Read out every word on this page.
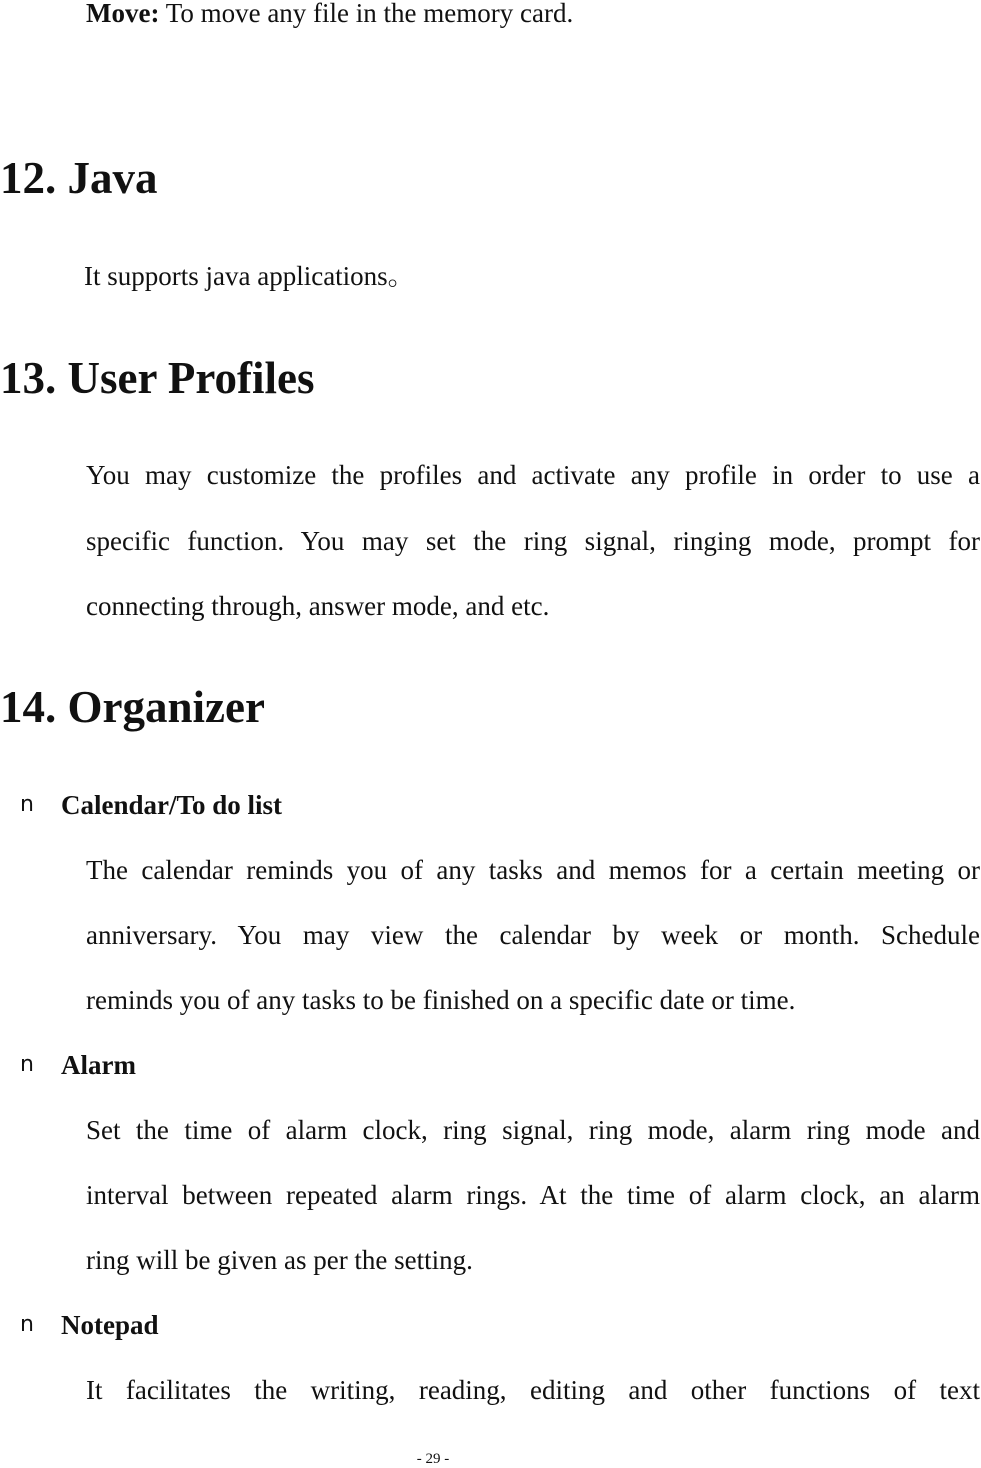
Move: To move any file in the memory card.
12. Java
It supports java applications。
13. User Profiles
You may customize the profiles and activate any profile in order to use a
specific function. You may set the ring signal, ringing mode, prompt for
connecting through, answer mode, and etc.
14. Organizer
n Calendar/To do list
The calendar reminds you of any tasks and memos for a certain meeting or
anniversary. You may view the calendar by week or month. Schedule
reminds you of any tasks to be finished on a specific date or time.
n Alarm
Set the time of alarm clock, ring signal, ring mode, alarm ring mode and
interval between repeated alarm rings. At the time of alarm clock, an alarm
ring will be given as per the setting.
n Notepad
It facilitates the writing, reading, editing and other functions of text
- 29 -
